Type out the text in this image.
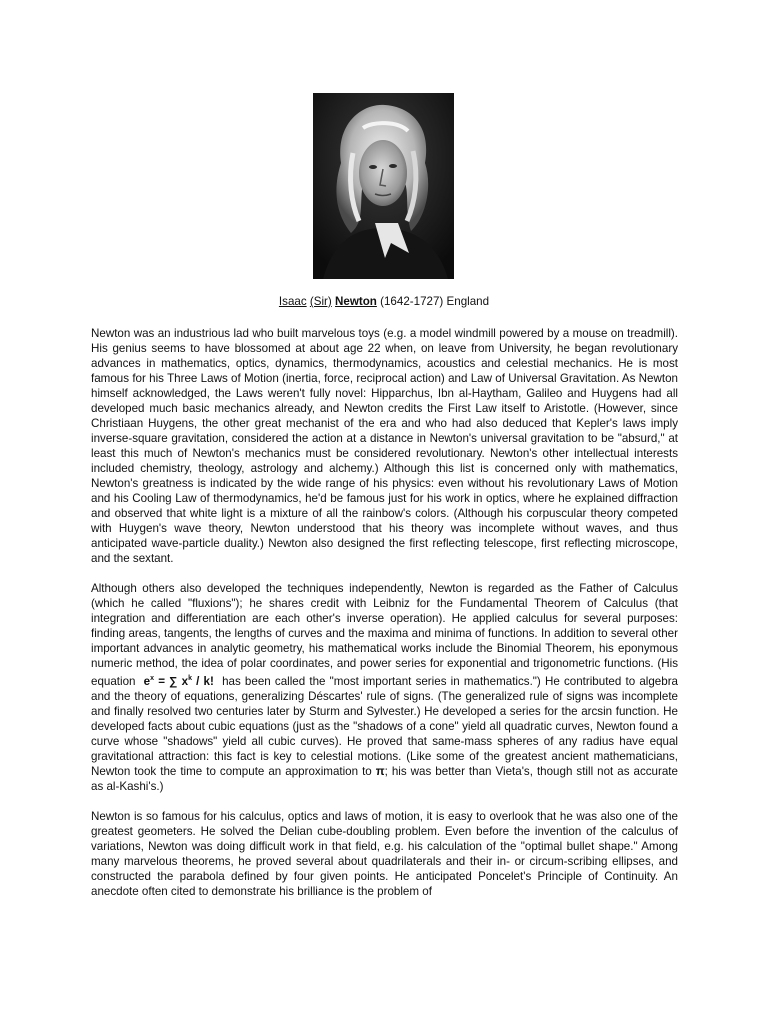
Isaac (Sir) Newton (1642-1727) England

Newton was an industrious lad who built marvelous toys (e.g. a model windmill powered by a mouse on treadmill). His genius seems to have blossomed at about age 22 when, on leave from University, he began revolutionary advances in mathematics, optics, dynamics, thermodynamics, acoustics and celestial mechanics. He is most famous for his Three Laws of Motion (inertia, force, reciprocal action) and Law of Universal Gravitation. As Newton himself acknowledged, the Laws weren't fully novel: Hipparchus, Ibn al-Haytham, Galileo and Huygens had all developed much basic mechanics already, and Newton credits the First Law itself to Aristotle. (However, since Christiaan Huygens, the other great mechanist of the era and who had also deduced that Kepler's laws imply inverse-square gravitation, considered the action at a distance in Newton's universal gravitation to be "absurd," at least this much of Newton's mechanics must be considered revolutionary. Newton's other intellectual interests included chemistry, theology, astrology and alchemy.) Although this list is concerned only with mathematics, Newton's greatness is indicated by the wide range of his physics: even without his revolutionary Laws of Motion and his Cooling Law of thermodynamics, he'd be famous just for his work in optics, where he explained diffraction and observed that white light is a mixture of all the rainbow's colors. (Although his corpuscular theory competed with Huygen's wave theory, Newton understood that his theory was incomplete without waves, and thus anticipated wave-particle duality.) Newton also designed the first reflecting telescope, first reflecting microscope, and the sextant.

Although others also developed the techniques independently, Newton is regarded as the Father of Calculus (which he called "fluxions"); he shares credit with Leibniz for the Fundamental Theorem of Calculus (that integration and differentiation are each other's inverse operation). He applied calculus for several purposes: finding areas, tangents, the lengths of curves and the maxima and minima of functions. In addition to several other important advances in analytic geometry, his mathematical works include the Binomial Theorem, his eponymous numeric method, the idea of polar coordinates, and power series for exponential and trigonometric functions. (His equation $e^x$ = ∑ $x^k$ / k! has been called the "most important series in mathematics.") He contributed to algebra and the theory of equations, generalizing Déscartes' rule of signs. (The generalized rule of signs was incomplete and finally resolved two centuries later by Sturm and Sylvester.) He developed a series for the arcsin function. He developed facts about cubic equations (just as the "shadows of a cone" yield all quadratic curves, Newton found a curve whose "shadows" yield all cubic curves). He proved that same-mass spheres of any radius have equal gravitational attraction: this fact is key to celestial motions. (Like some of the greatest ancient mathematicians, Newton took the time to compute an approximation to π; his was better than Vieta's, though still not as accurate as al-Kashi's.)

Newton is so famous for his calculus, optics and laws of motion, it is easy to overlook that he was also one of the greatest geometers. He solved the Delian cube-doubling problem. Even before the invention of the calculus of variations, Newton was doing difficult work in that field, e.g. his calculation of the "optimal bullet shape." Among many marvelous theorems, he proved several about quadrilaterals and their in- or circum-scribing ellipses, and constructed the parabola defined by four given points. He anticipated Poncelet's Principle of Continuity. An anecdote often cited to demonstrate his brilliance is the problem of
